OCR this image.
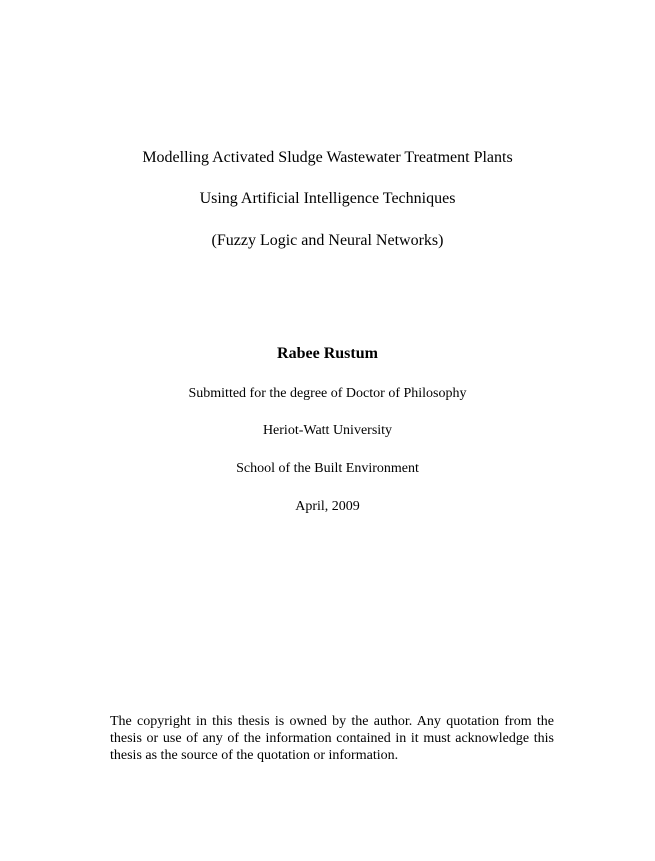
Modelling Activated Sludge Wastewater Treatment Plants
Using Artificial Intelligence Techniques
(Fuzzy Logic and Neural Networks)
Rabee Rustum
Submitted for the degree of Doctor of Philosophy
Heriot-Watt University
School of the Built Environment
April, 2009
The copyright in this thesis is owned by the author. Any quotation from the thesis or use of any of the information contained in it must acknowledge this thesis as the source of the quotation or information.
